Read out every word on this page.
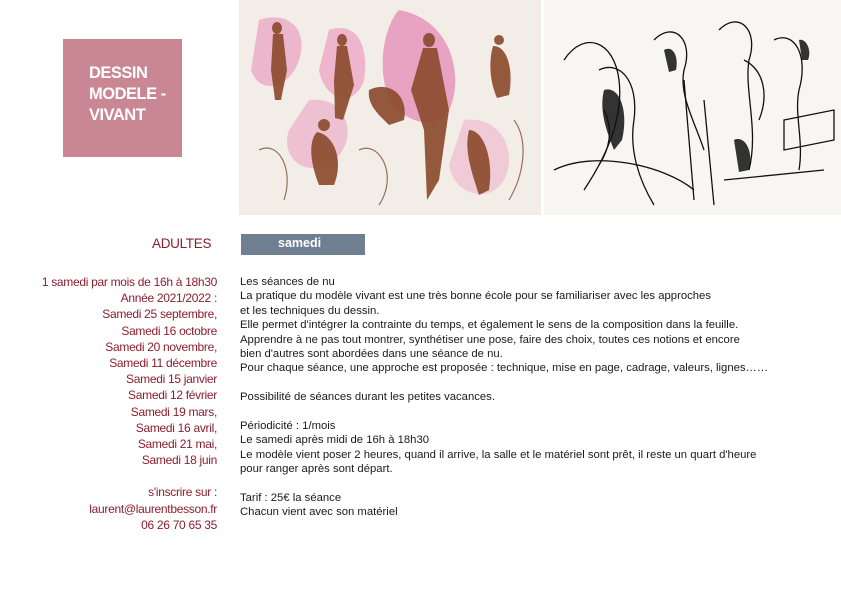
DESSIN
MODELE -
VIVANT
ADULTES	samedi
1 samedi par mois de 16h à 18h30
Année 2021/2022 :
Samedi 25 septembre,
Samedi 16 octobre
Samedi 20 novembre,
Samedi 11 décembre
Samedi 15 janvier
Samedi 12 février
Samedi 19 mars,
Samedi 16 avril,
Samedi 21 mai,
Samedi 18 juin
s'inscrire sur :
laurent@laurentbesson.fr
06 26 70 65 35
Les séances de nu
La pratique du modèle vivant est une très bonne école pour se familiariser avec les approches
et les techniques du dessin.
Elle permet d'intégrer la contrainte du temps, et également le sens de la composition dans la feuille.
Apprendre à ne pas tout montrer, synthétiser une pose, faire des choix, toutes ces notions et encore
bien d'autres sont abordées dans une séance de nu.
Pour chaque séance, une approche est proposée : technique, mise en page, cadrage, valeurs, lignes……
Possibilité de séances durant les petites vacances.
Périodicité : 1/mois
Le samedi après midi de 16h à 18h30
Le modèle vient poser 2 heures, quand il arrive, la salle et le matériel sont prêt, il reste un quart d'heure
pour ranger après sont départ.
Tarif : 25€ la séance
Chacun vient avec son matériel
